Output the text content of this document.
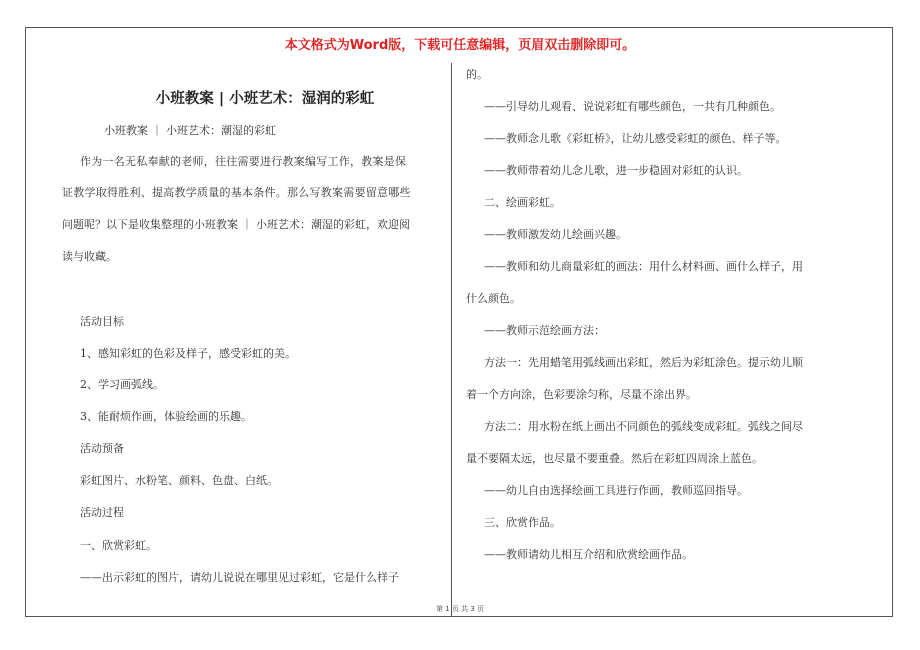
本文格式为Word版，下载可任意编辑，页眉双击删除即可。
小班教案 | 小班艺术：湿润的彩虹

小班教案 ｜ 小班艺术：潮湿的彩虹

作为一名无私奉献的老师，往往需要进行教案编写工作，教案是保

证教学取得胜利、提高教学质量的基本条件。那么写教案需要留意哪些

问题呢？以下是收集整理的小班教案 ｜ 小班艺术：潮湿的彩虹，欢迎阅

读与收藏。

活动目标

1、感知彩虹的色彩及样子，感受彩虹的美。

2、学习画弧线。

3、能耐烦作画，体验绘画的乐趣。

活动预备

彩虹图片、水粉笔、颜料、色盘、白纸。

活动过程

一、欣赏彩虹。

——出示彩虹的图片，请幼儿说说在哪里见过彩虹，它是什么样子

的。

——引导幼儿观看、说说彩虹有哪些颜色，一共有几种颜色。

——教师念儿歌《彩虹桥》，让幼儿感受彩虹的颜色、样子等。

——教师带着幼儿念儿歌，进一步稳固对彩虹的认识。

二、绘画彩虹。

——教师激发幼儿绘画兴趣。

——教师和幼儿商量彩虹的画法：用什么材料画、画什么样子，用

什么颜色。

——教师示范绘画方法：

方法一：先用蜡笔用弧线画出彩虹，然后为彩虹涂色。提示幼儿顺

着一个方向涂，色彩要涂匀称，尽量不涂出界。

方法二：用水粉在纸上画出不同颜色的弧线变成彩虹。弧线之间尽

量不要隔太远，也尽量不要重叠。然后在彩虹四周涂上蓝色。

——幼儿自由选择绘画工具进行作画，教师巡回指导。

三、欣赏作品。

——教师请幼儿相互介绍和欣赏绘画作品。

第 1 页 共 3 页
